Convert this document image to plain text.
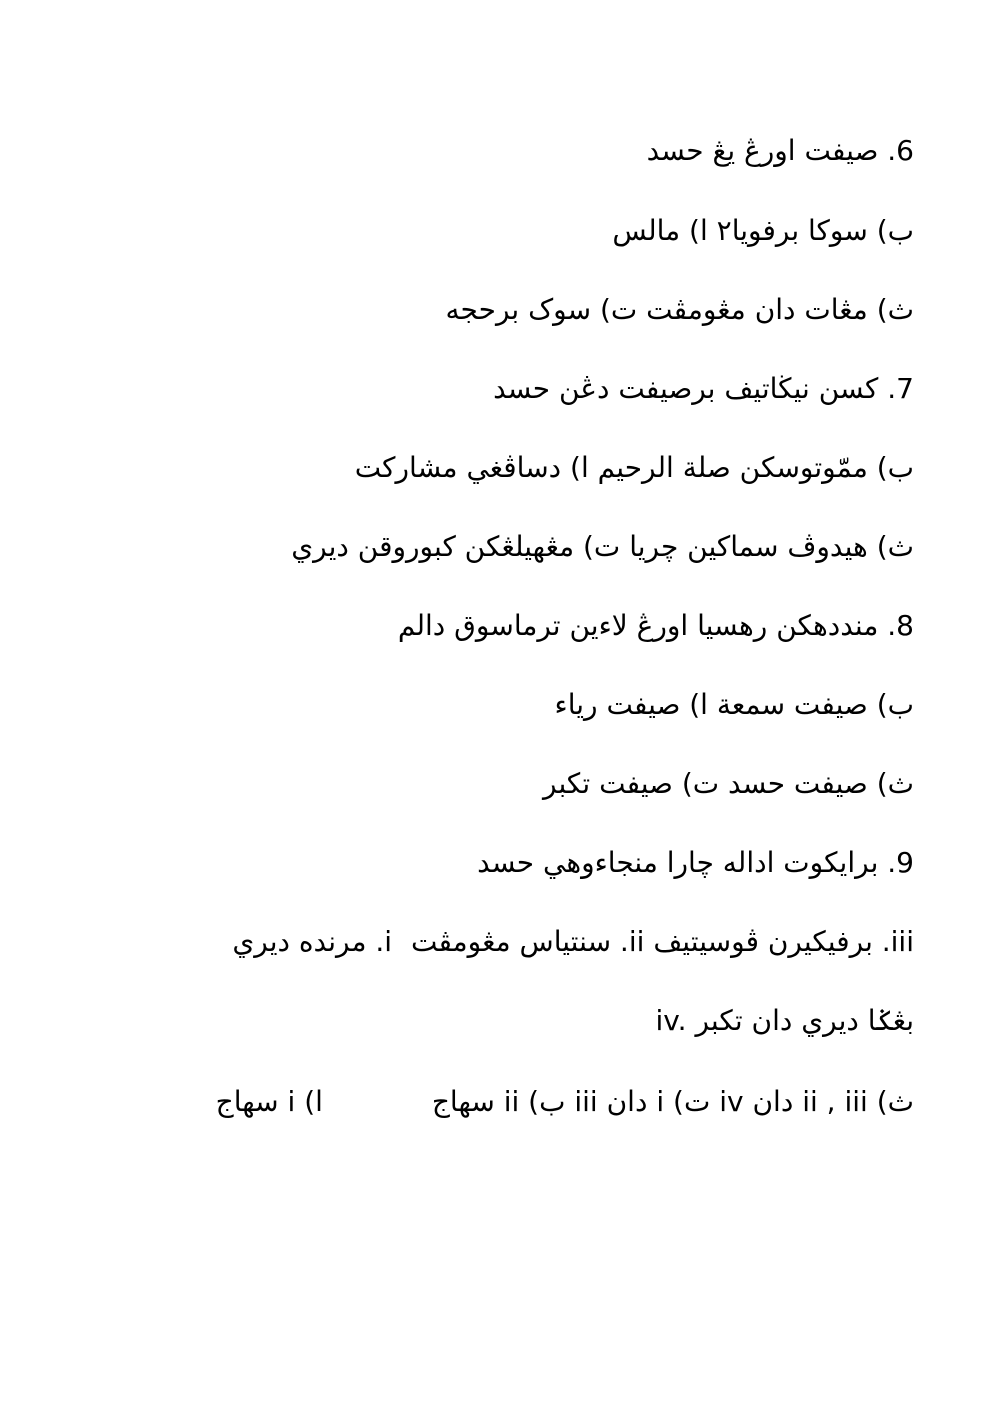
6. صيفت اورڠ يڠ حسد
ا) مالس ب) سوكا برفويا٢
ت) سوک برحجه ث) مڠات دان مڠومڤت
7. كسن نيڬاتيف برصيفت دڠن حسد
ا) دساڤغي مشاركت ب) ممّوتوسكن صلة الرحيم
ت) مڠهيلڠكن كبوروقن ديري ث) هيدوڤ سماكين چريا
8. منددهكن رهسيا اورڠ لاءين ترماسوق دالم
ا) صيفت ريا‌ء ب) صيفت سمعة
ت) صيفت تكبر ث) صيفت حسد
9. برايكوت اداله چارا منجاءوهي حسد
i. مرنده ديري ii. سنتياس مڠومڤت iii. برفيكيرن ڤوسيتيف
iv. بڠݢا ديري دان تكبر
ا) i سهاج	ب) ii سهاج ت) i دان iii ث) ii , iii دان iv
